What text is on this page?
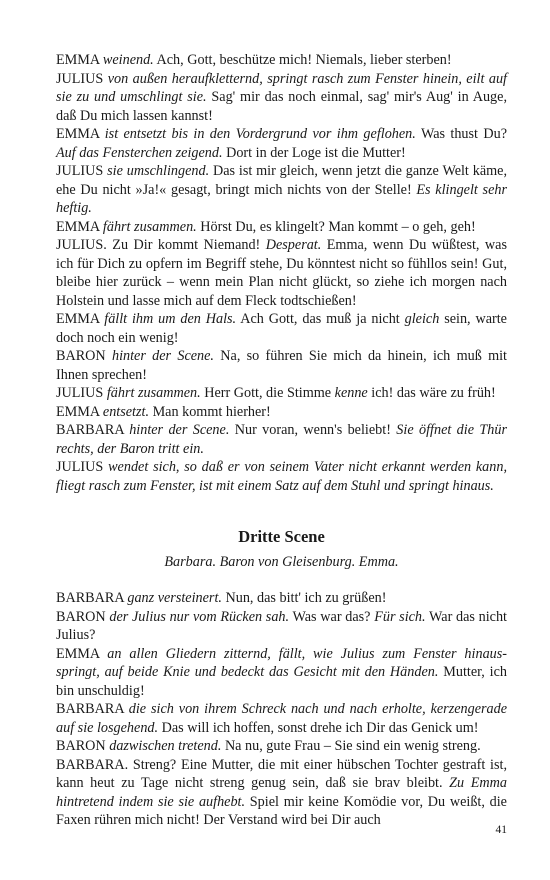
EMMA weinend. Ach, Gott, beschütze mich! Niemals, lieber sterben!

JULIUS von außen heraufkletternd, springt rasch zum Fenster hinein, eilt auf sie zu und umschlingt sie. Sag' mir das noch einmal, sag' mir's Aug' in Auge, daß Du mich lassen kannst!

EMMA ist entsetzt bis in den Vordergrund vor ihm geflohen. Was thust Du? Auf das Fensterchen zeigend. Dort in der Loge ist die Mutter!

JULIUS sie umschlingend. Das ist mir gleich, wenn jetzt die ganze Welt käme, ehe Du nicht »Ja!« gesagt, bringt mich nichts von der Stelle! Es klingelt sehr heftig.

EMMA fährt zusammen. Hörst Du, es klingelt? Man kommt – o geh, geh!

JULIUS. Zu Dir kommt Niemand! Desperat. Emma, wenn Du wüßtest, was ich für Dich zu opfern im Begriff stehe, Du könntest nicht so fühllos sein! Gut, bleibe hier zurück – wenn mein Plan nicht glückt, so ziehe ich morgen nach Holstein und lasse mich auf dem Fleck todtschießen!

EMMA fällt ihm um den Hals. Ach Gott, das muß ja nicht gleich sein, warte doch noch ein wenig!

BARON hinter der Scene. Na, so führen Sie mich da hinein, ich muß mit Ihnen sprechen!

JULIUS fährt zusammen. Herr Gott, die Stimme kenne ich! das wäre zu früh!

EMMA entsetzt. Man kommt hierher!

BARBARA hinter der Scene. Nur voran, wenn's beliebt! Sie öffnet die Thür rechts, der Baron tritt ein.

JULIUS wendet sich, so daß er von seinem Vater nicht erkannt werden kann, fliegt rasch zum Fenster, ist mit einem Satz auf dem Stuhl und springt hinaus.

Dritte Scene

Barbara. Baron von Gleisenburg. Emma.

BARBARA ganz versteinert. Nun, das bitt' ich zu grüßen!

BARON der Julius nur vom Rücken sah. Was war das? Für sich. War das nicht Julius?

EMMA an allen Gliedern zitternd, fällt, wie Julius zum Fenster hinaus-springt, auf beide Knie und bedeckt das Gesicht mit den Händen. Mutter, ich bin unschuldig!

BARBARA die sich von ihrem Schreck nach und nach erholte, kerzengerade auf sie losgehend. Das will ich hoffen, sonst drehe ich Dir das Genick um!

BARON dazwischen tretend. Na nu, gute Frau – Sie sind ein wenig streng.

BARBARA. Streng? Eine Mutter, die mit einer hübschen Tochter gestraft ist, kann heut zu Tage nicht streng genug sein, daß sie brav bleibt. Zu Emma hintretend indem sie sie aufhebt. Spiel mir keine Komödie vor, Du weißt, die Faxen rühren mich nicht! Der Verstand wird bei Dir auch

41
